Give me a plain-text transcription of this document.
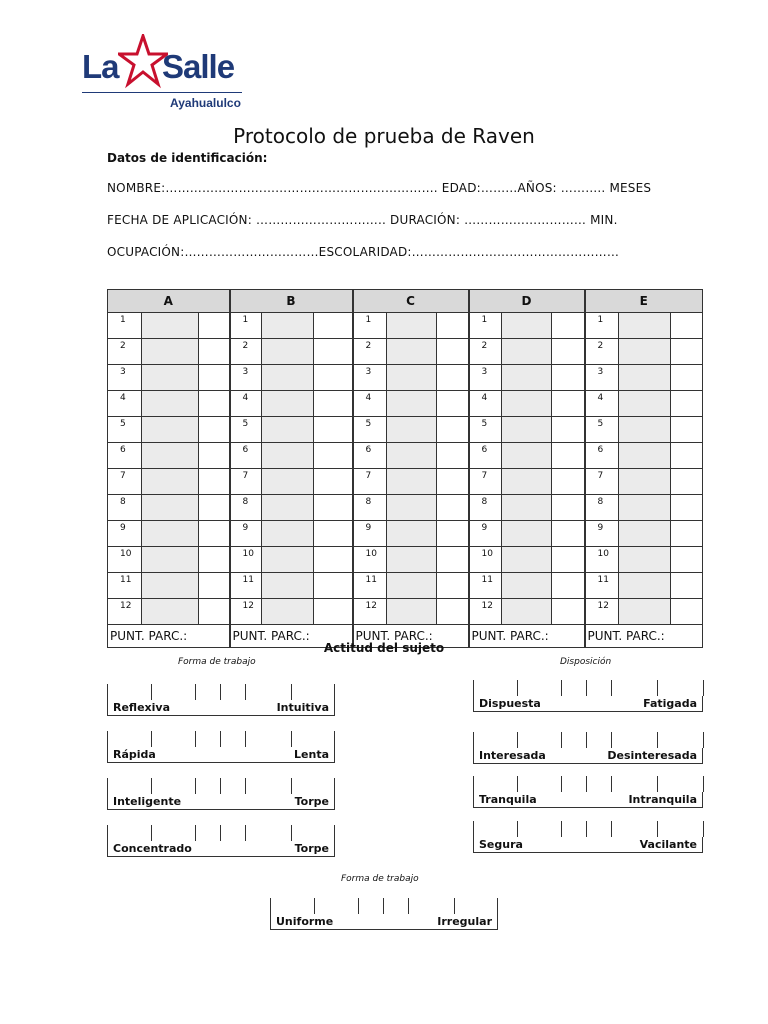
La Salle
Ayahualulco
Protocolo de prueba de Raven
Datos de identificación:
NOMBRE:…………………………………………………………. EDAD:………AÑOS: ……….. MESES
FECHA DE APLICACIÓN: ………………………….. DURACIÓN: ………………………… MIN.
OCUPACIÓN:……………………………ESCOLARIDAD:……………………………………………
A			B			C			D			E		
1			1			1			1			1		
2			2			2			2			2		
3			3			3			3			3		
4			4			4			4			4		
5			5			5			5			5		
6			6			6			6			6		
7			7			7			7			7		
8			8			8			8			8		
9			9			9			9			9		
10			10			10			10			10		
11			11			11			11			11		
12			12			12			12			12		
PUNT. PARC.:			PUNT. PARC.:			PUNT. PARC.:			PUNT. PARC.:			PUNT. PARC.:		
Actitud del sujeto
Forma de trabajo	Disposición
Reflexiva	Intuitiva
Rápida	Lenta
Inteligente	Torpe
Concentrado	Torpe
Dispuesta	Fatigada
Interesada	Desinteresada
Tranquila	Intranquila
Segura	Vacilante
Forma de trabajo
Uniforme	Irregular
